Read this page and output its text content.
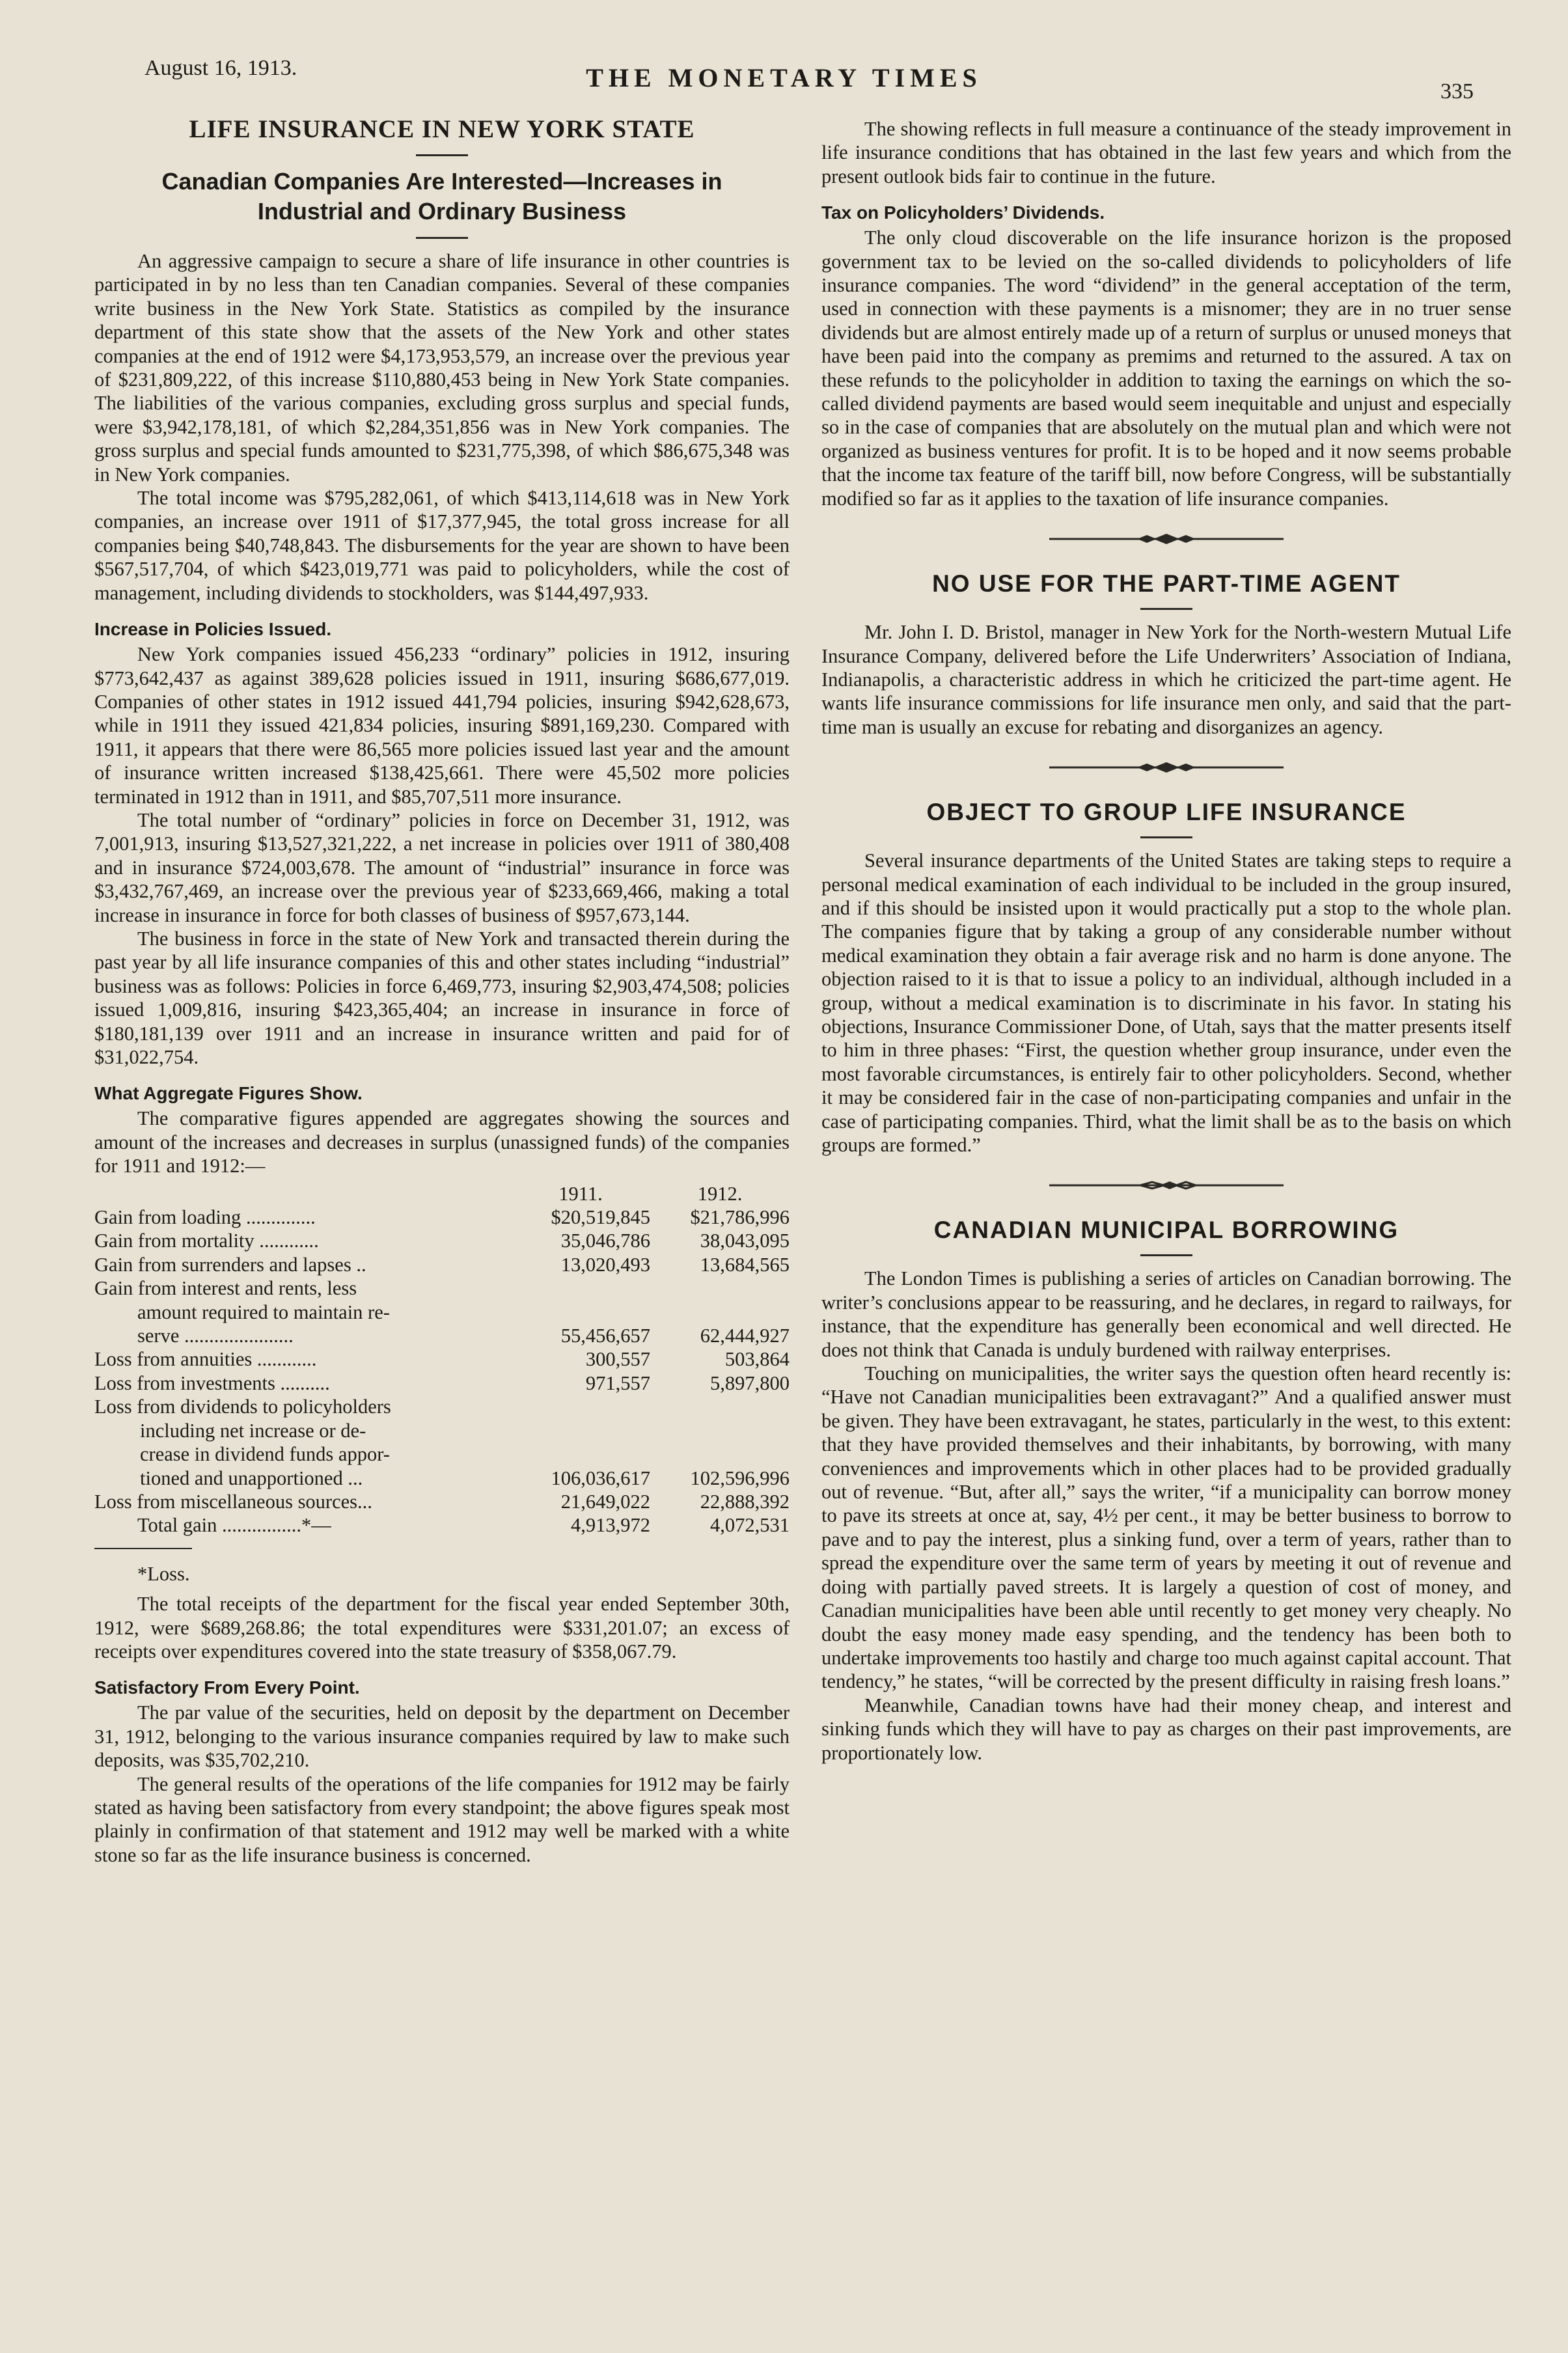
August 16, 1913.	THE MONETARY TIMES	335
LIFE INSURANCE IN NEW YORK STATE
Canadian Companies Are Interested—Increases in Industrial and Ordinary Business

An aggressive campaign to secure a share of life insurance in other countries is participated in by no less than ten Canadian companies. Several of these companies write business in the New York State. Statistics as compiled by the insurance department of this state show that the assets of the New York and other states companies at the end of 1912 were $4,173,953,579, an increase over the previous year of $231,809,222, of this increase $110,880,453 being in New York State companies. The liabilities of the various companies, excluding gross surplus and special funds, were $3,942,178,181, of which $2,284,351,856 was in New York companies. The gross surplus and special funds amounted to $231,775,398, of which $86,675,348 was in New York companies.

The total income was $795,282,061, of which $413,114,618 was in New York companies, an increase over 1911 of $17,377,945, the total gross increase for all companies being $40,748,843. The disbursements for the year are shown to have been $567,517,704, of which $423,019,771 was paid to policyholders, while the cost of management, including dividends to stockholders, was $144,497,933.

Increase in Policies Issued.

New York companies issued 456,233 “ordinary” policies in 1912, insuring $773,642,437 as against 389,628 policies issued in 1911, insuring $686,677,019. Companies of other states in 1912 issued 441,794 policies, insuring $942,628,673, while in 1911 they issued 421,834 policies, insuring $891,169,230. Compared with 1911, it appears that there were 86,565 more policies issued last year and the amount of insurance written increased $138,425,661. There were 45,502 more policies terminated in 1912 than in 1911, and $85,707,511 more insurance.

The total number of “ordinary” policies in force on December 31, 1912, was 7,001,913, insuring $13,527,321,222, a net increase in policies over 1911 of 380,408 and in insurance $724,003,678. The amount of “industrial” insurance in force was $3,432,767,469, an increase over the previous year of $233,669,466, making a total increase in insurance in force for both classes of business of $957,673,144.

The business in force in the state of New York and transacted therein during the past year by all life insurance companies of this and other states including “industrial” business was as follows: Policies in force 6,469,773, insuring $2,903,474,508; policies issued 1,009,816, insuring $423,365,404; an increase in insurance in force of $180,181,139 over 1911 and an increase in insurance written and paid for of $31,022,754.

What Aggregate Figures Show.

The comparative figures appended are aggregates showing the sources and amount of the increases and decreases in surplus (unassigned funds) of the companies for 1911 and 1912:—

	1911.	1912.
Gain from loading ..............	$20,519,845	$21,786,996
Gain from mortality ............	35,046,786	38,043,095
Gain from surrenders and lapses ..	13,020,493	13,684,565

Gain from interest and rents, less
amount required to maintain re-
serve ......................	55,456,657	62,444,927
Loss from annuities ............	300,557	503,864
Loss from investments ..........	971,557	5,897,800

Loss from dividends to policyholders
including net increase or de-
crease in dividend funds appor-
tioned and unapportioned ...	106,036,617	102,596,996
Loss from miscellaneous sources...	21,649,022	22,888,392
Total gain ................*—	4,913,972	4,072,531
*Loss.

The total receipts of the department for the fiscal year ended September 30th, 1912, were $689,268.86; the total expenditures were $331,201.07; an excess of receipts over expenditures covered into the state treasury of $358,067.79.

Satisfactory From Every Point.

The par value of the securities, held on deposit by the department on December 31, 1912, belonging to the various insurance companies required by law to make such deposits, was $35,702,210.

The general results of the operations of the life companies for 1912 may be fairly stated as having been satisfactory from every standpoint; the above figures speak most plainly in confirmation of that statement and 1912 may well be marked with a white stone so far as the life insurance business is concerned.

The showing reflects in full measure a continuance of the steady improvement in life insurance conditions that has obtained in the last few years and which from the present outlook bids fair to continue in the future.

Tax on Policyholders’ Dividends.

The only cloud discoverable on the life insurance horizon is the proposed government tax to be levied on the so-called dividends to policyholders of life insurance companies. The word “dividend” in the general acceptation of the term, used in connection with these payments is a misnomer; they are in no truer sense dividends but are almost entirely made up of a return of surplus or unused moneys that have been paid into the company as premims and returned to the assured. A tax on these refunds to the policyholder in addition to taxing the earnings on which the so-called dividend payments are based would seem inequitable and unjust and especially so in the case of companies that are absolutely on the mutual plan and which were not organized as business ventures for profit. It is to be hoped and it now seems probable that the income tax feature of the tariff bill, now before Congress, will be substantially modified so far as it applies to the taxation of life insurance companies.

NO USE FOR THE PART-TIME AGENT

Mr. John I. D. Bristol, manager in New York for the North-western Mutual Life Insurance Company, delivered before the Life Underwriters’ Association of Indiana, Indianapolis, a characteristic address in which he criticized the part-time agent. He wants life insurance commissions for life insurance men only, and said that the part-time man is usually an excuse for rebating and disorganizes an agency.

OBJECT TO GROUP LIFE INSURANCE

Several insurance departments of the United States are taking steps to require a personal medical examination of each individual to be included in the group insured, and if this should be insisted upon it would practically put a stop to the whole plan. The companies figure that by taking a group of any considerable number without medical examination they obtain a fair average risk and no harm is done anyone. The objection raised to it is that to issue a policy to an individual, although included in a group, without a medical examination is to discriminate in his favor. In stating his objections, Insurance Commissioner Done, of Utah, says that the matter presents itself to him in three phases: “First, the question whether group insurance, under even the most favorable circumstances, is entirely fair to other policyholders. Second, whether it may be considered fair in the case of non-participating companies and unfair in the case of participating companies. Third, what the limit shall be as to the basis on which groups are formed.”

CANADIAN MUNICIPAL BORROWING

The London Times is publishing a series of articles on Canadian borrowing. The writer’s conclusions appear to be reassuring, and he declares, in regard to railways, for instance, that the expenditure has generally been economical and well directed. He does not think that Canada is unduly burdened with railway enterprises.

Touching on municipalities, the writer says the question often heard recently is: “Have not Canadian municipalities been extravagant?” And a qualified answer must be given. They have been extravagant, he states, particularly in the west, to this extent: that they have provided themselves and their inhabitants, by borrowing, with many conveniences and improvements which in other places had to be provided gradually out of revenue. “But, after all,” says the writer, “if a municipality can borrow money to pave its streets at once at, say, 4½ per cent., it may be better business to borrow to pave and to pay the interest, plus a sinking fund, over a term of years, rather than to spread the expenditure over the same term of years by meeting it out of revenue and doing with partially paved streets. It is largely a question of cost of money, and Canadian municipalities have been able until recently to get money very cheaply. No doubt the easy money made easy spending, and the tendency has been both to undertake improvements too hastily and charge too much against capital account. That tendency,” he states, “will be corrected by the present difficulty in raising fresh loans.”

Meanwhile, Canadian towns have had their money cheap, and interest and sinking funds which they will have to pay as charges on their past improvements, are proportionately low.
